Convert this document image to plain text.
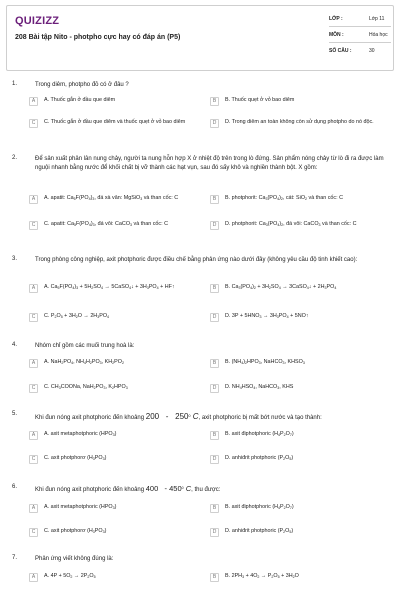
QUIZIZZ
208 Bài tập Nito - photpho cực hay có đáp án (P5)
LỚP :	Lớp 11
MÔN :	Hóa học
SỐ CÂU :	30
1.	Trong diêm, photpho đỏ có ở đâu ?
A	A. Thuốc gắn ở đầu que diêm	B	B. Thuốc quẹt ở vỏ bao diêm
C	C. Thuốc gắn ở đầu que diêm và thuốc quẹt ở vỏ bao diêm	D	D. Trong diêm an toàn không còn sử dụng photpho do nó độc.
2.	Để sản xuất phân lân nung chảy, người ta nung hỗn hợp X ở nhiệt độ trên trong lò đứng. Sản phẩm nóng chảy từ lò đi ra được làm nguội nhanh bằng nước để khối chất bị vỡ thành các hạt vụn, sau đó sấy khô và nghiền thành bột. X gồm:
A	A. apatit: $Ca_5F(PO_4)_3$, đá xà vân: MgSiO$_3$ và than cốc: C	B	B. photphorit: $Ca_3(PO_4)_2$, cát: SiO$_2$ và than cốc: C
C	C. apatit: $Ca_5F(PO_4)_3$, đá vôi: CaCO$_3$ và than cốc: C	D	D. photphorit: $Ca_3(PO_4)_2$, đá vôi: CaCO$_3$ và than cốc: C
3.	Trong phòng công nghiệp, axit photphoric được điều chế bằng phản ứng nào dưới đây (không yêu cầu độ tinh khiết cao):
A	A. $Ca_5F(PO_4)_3 + 5H_2SO_4$ → 5CaSO$_4$↓ + $3H_3PO_4$ + HF↑	B	B. $Ca_3(PO_4)_2 + 3H_2SO_4$ → 3CaSO$_4$↓ + $2H_3PO_4$
C	C. $P_2O_5 + 3H_2O \to 2H_3PO_4$	D	D. $3P + 5HNO_3 \to 3H_3PO_4$ + 5NO↑
4.	Nhóm chỉ gồm các muối trung hoà là:
A	A. $NaH_2PO_4$, $NH_4H_2PO_3$, $KH_2PO_2$	B	B. $(NH_4)_2HPO_3$, NaHCO$_3$, $KHSO_3$
C	C. $CH_3COONa$, $NaH_2PO_3$, $K_2HPO_3$	D	D. $NH_4HSO_4$, NaHCO$_3$, KHS
5.
Khi đun nóng axit photphoric đến khoảng $200 - 250^0$ C, axit photphoric bị mất bớt nước và tạo thành:
A	A. axit metaphotphoric $(HPO_3)$	B	B. axit điphotphoric $(H_4P_2O_7)$
C	C. axit photphorơ $(H_3PO_3)$	D	D. anhiđrit photphoric $(P_2O_5)$
6.	Khi đun nóng axit photphoric đến khoảng $400 - 450^0$ C, thu được:
A	A. axit metaphotphoric $(HPO_3)$	B	B. axit điphotphoric $(H_4P_2O_7)$
C	C. axit photphorơ $(H_3PO_3)$	D	D. anhiđrit photphoric $(P_2O_5)$
7.	Phản ứng viết không đúng là:
A	A. $4P + 5O_2 \to 2P_2O_5$	B	B. $2PH_3 + 4O_2 \to P_2O_5 + 3H_2O$
